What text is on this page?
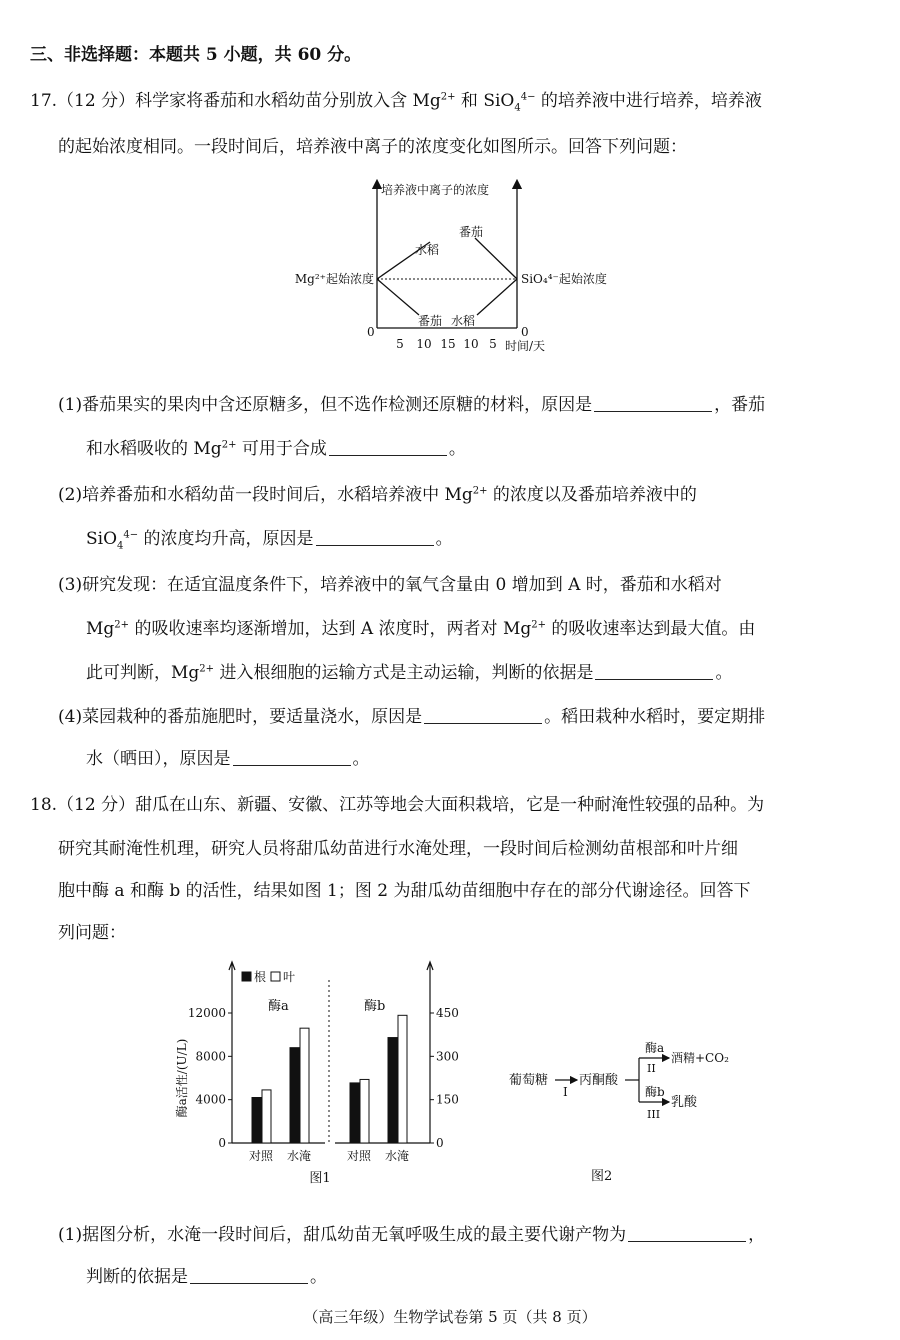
三、非选择题：本题共 5 小题，共 60 分。
17.（12 分）科学家将番茄和水稻幼苗分别放入含 $Mg^{2+}$ 和 SiO$_4^{4-}$ 的培养液中进行培养，培养液
的起始浓度相同。一段时间后，培养液中离子的浓度变化如图所示。回答下列问题：
培养液中离子的浓度
水稻
番茄
番茄 水稻
Mg²⁺起始浓度	SiO₄⁴⁻起始浓度
0	0
5 10 15 10 5 时间/天
(1)番茄果实的果肉中含还原糖多，但不选作检测还原糖的材料，原因是	，番茄
和水稻吸收的 $Mg^{2+}$ 可用于合成	。
(2)培养番茄和水稻幼苗一段时间后，水稻培养液中 $Mg^{2+}$ 的浓度以及番茄培养液中的
SiO$_4^{4-}$ 的浓度均升高，原因是	。
(3)研究发现：在适宜温度条件下，培养液中的氧气含量由 0 增加到 A 时，番茄和水稻对
$Mg^{2+}$ 的吸收速率均逐渐增加，达到 A 浓度时，两者对 $Mg^{2+}$ 的吸收速率达到最大值。由
此可判断，$Mg^{2+}$ 进入根细胞的运输方式是主动运输，判断的依据是	。
(4)菜园栽种的番茄施肥时，要适量浇水，原因是	。稻田栽种水稻时，要定期排
水（晒田），原因是	。
18.（12 分）甜瓜在山东、新疆、安徽、江苏等地会大面积栽培，它是一种耐淹性较强的品种。为
研究其耐淹性机理，研究人员将甜瓜幼苗进行水淹处理，一段时间后检测幼苗根部和叶片细
胞中酶 a 和酶 b 的活性，结果如图 1；图 2 为甜瓜幼苗细胞中存在的部分代谢途径。回答下
列问题：
根 叶
0
4000
8000
12000
酶a活性/(U/L)
酶a
对照 水淹
0
150
300
450
酶b
对照 水淹
图1
葡萄糖
I
丙酮酸
酶a
II
酒精+CO₂
酶b
III
乳酸
图2
(1)据图分析，水淹一段时间后，甜瓜幼苗无氧呼吸生成的最主要代谢产物为	，
判断的依据是	。
（高三年级）生物学试卷第 5 页（共 8 页）
